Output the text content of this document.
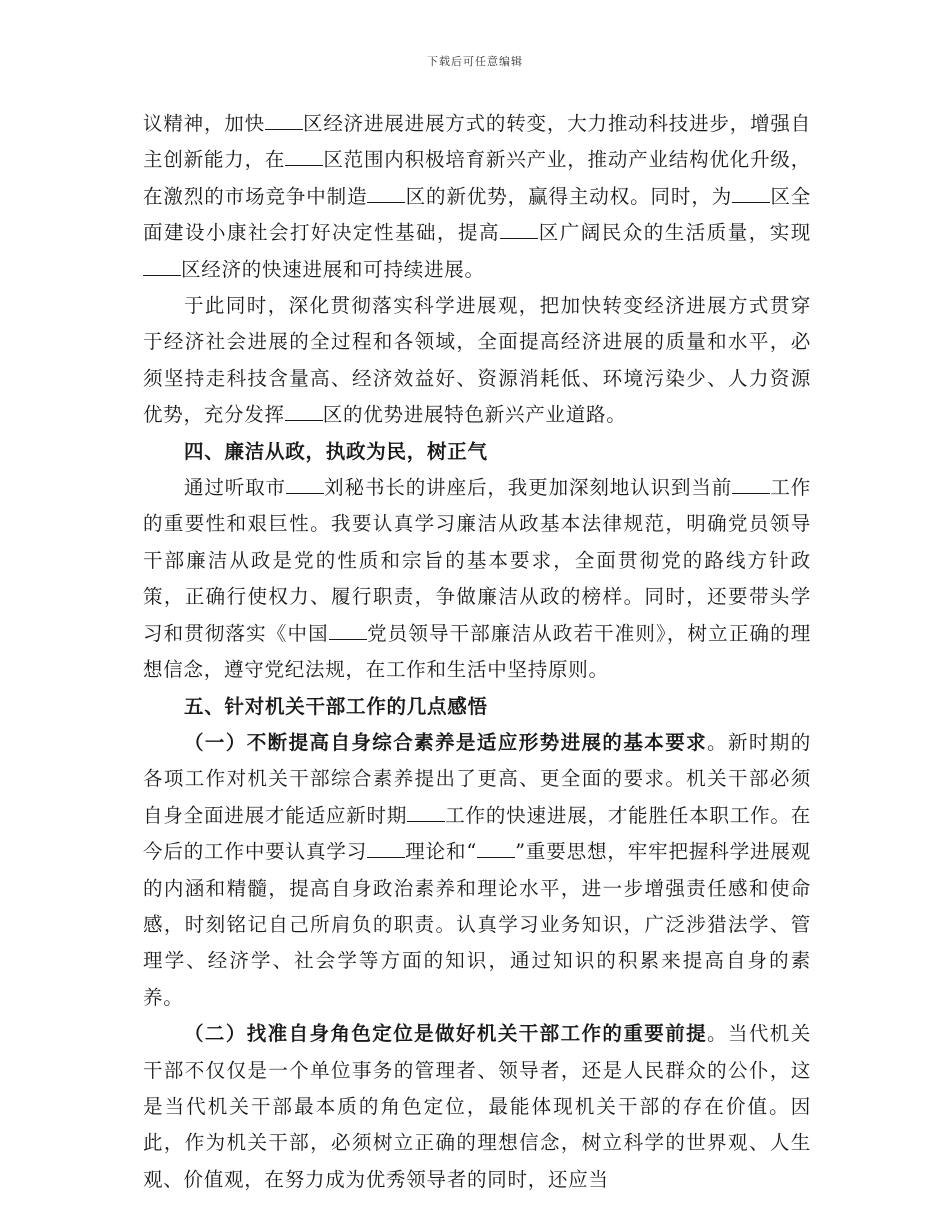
下载后可任意编辑

议精神，加快 区经济进展进展方式的转变，大力推动科技进步，增强自主创新能力，在 区范围内积极培育新兴产业，推动产业结构优化升级，在激烈的市场竞争中制造 区的新优势，赢得主动权。同时，为 区全面建设小康社会打好决定性基础，提高 区广阔民众的生活质量，实现区经济的快速进展和可持续进展。

于此同时，深化贯彻落实科学进展观，把加快转变经济进展方式贯穿于经济社会进展的全过程和各领域，全面提高经济进展的质量和水平，必须坚持走科技含量高、经济效益好、资源消耗低、环境污染少、人力资源优势，充分发挥 区的优势进展特色新兴产业道路。

四、廉洁从政，执政为民，树正气

通过听取市 刘秘书长的讲座后，我更加深刻地认识到当前 工作的重要性和艰巨性。我要认真学习廉洁从政基本法律规范，明确党员领导干部廉洁从政是党的性质和宗旨的基本要求，全面贯彻党的路线方针政策，正确行使权力、履行职责，争做廉洁从政的榜样。同时，还要带头学习和贯彻落实《中国 党员领导干部廉洁从政若干准则》，树立正确的理想信念，遵守党纪法规，在工作和生活中坚持原则。

五、针对机关干部工作的几点感悟

（一）不断提高自身综合素养是适应形势进展的基本要求。新时期的各项工作对机关干部综合素养提出了更高、更全面的要求。机关干部必须自身全面进展才能适应新时期 工作的快速进展，才能胜任本职工作。在今后的工作中要认真学习 理论和“ ”重要思想，牢牢把握科学进展观的内涵和精髓，提高自身政治素养和理论水平，进一步增强责任感和使命感，时刻铭记自己所肩负的职责。认真学习业务知识，广泛涉猎法学、管理学、经济学、社会学等方面的知识，通过知识的积累来提高自身的素养。

（二）找准自身角色定位是做好机关干部工作的重要前提。当代机关干部不仅仅是一个单位事务的管理者、领导者，还是人民群众的公仆，这是当代机关干部最本质的角色定位，最能体现机关干部的存在价值。因此，作为机关干部，必须树立正确的理想信念，树立科学的世界观、人生观、价值观，在努力成为优秀领导者的同时，还应当
